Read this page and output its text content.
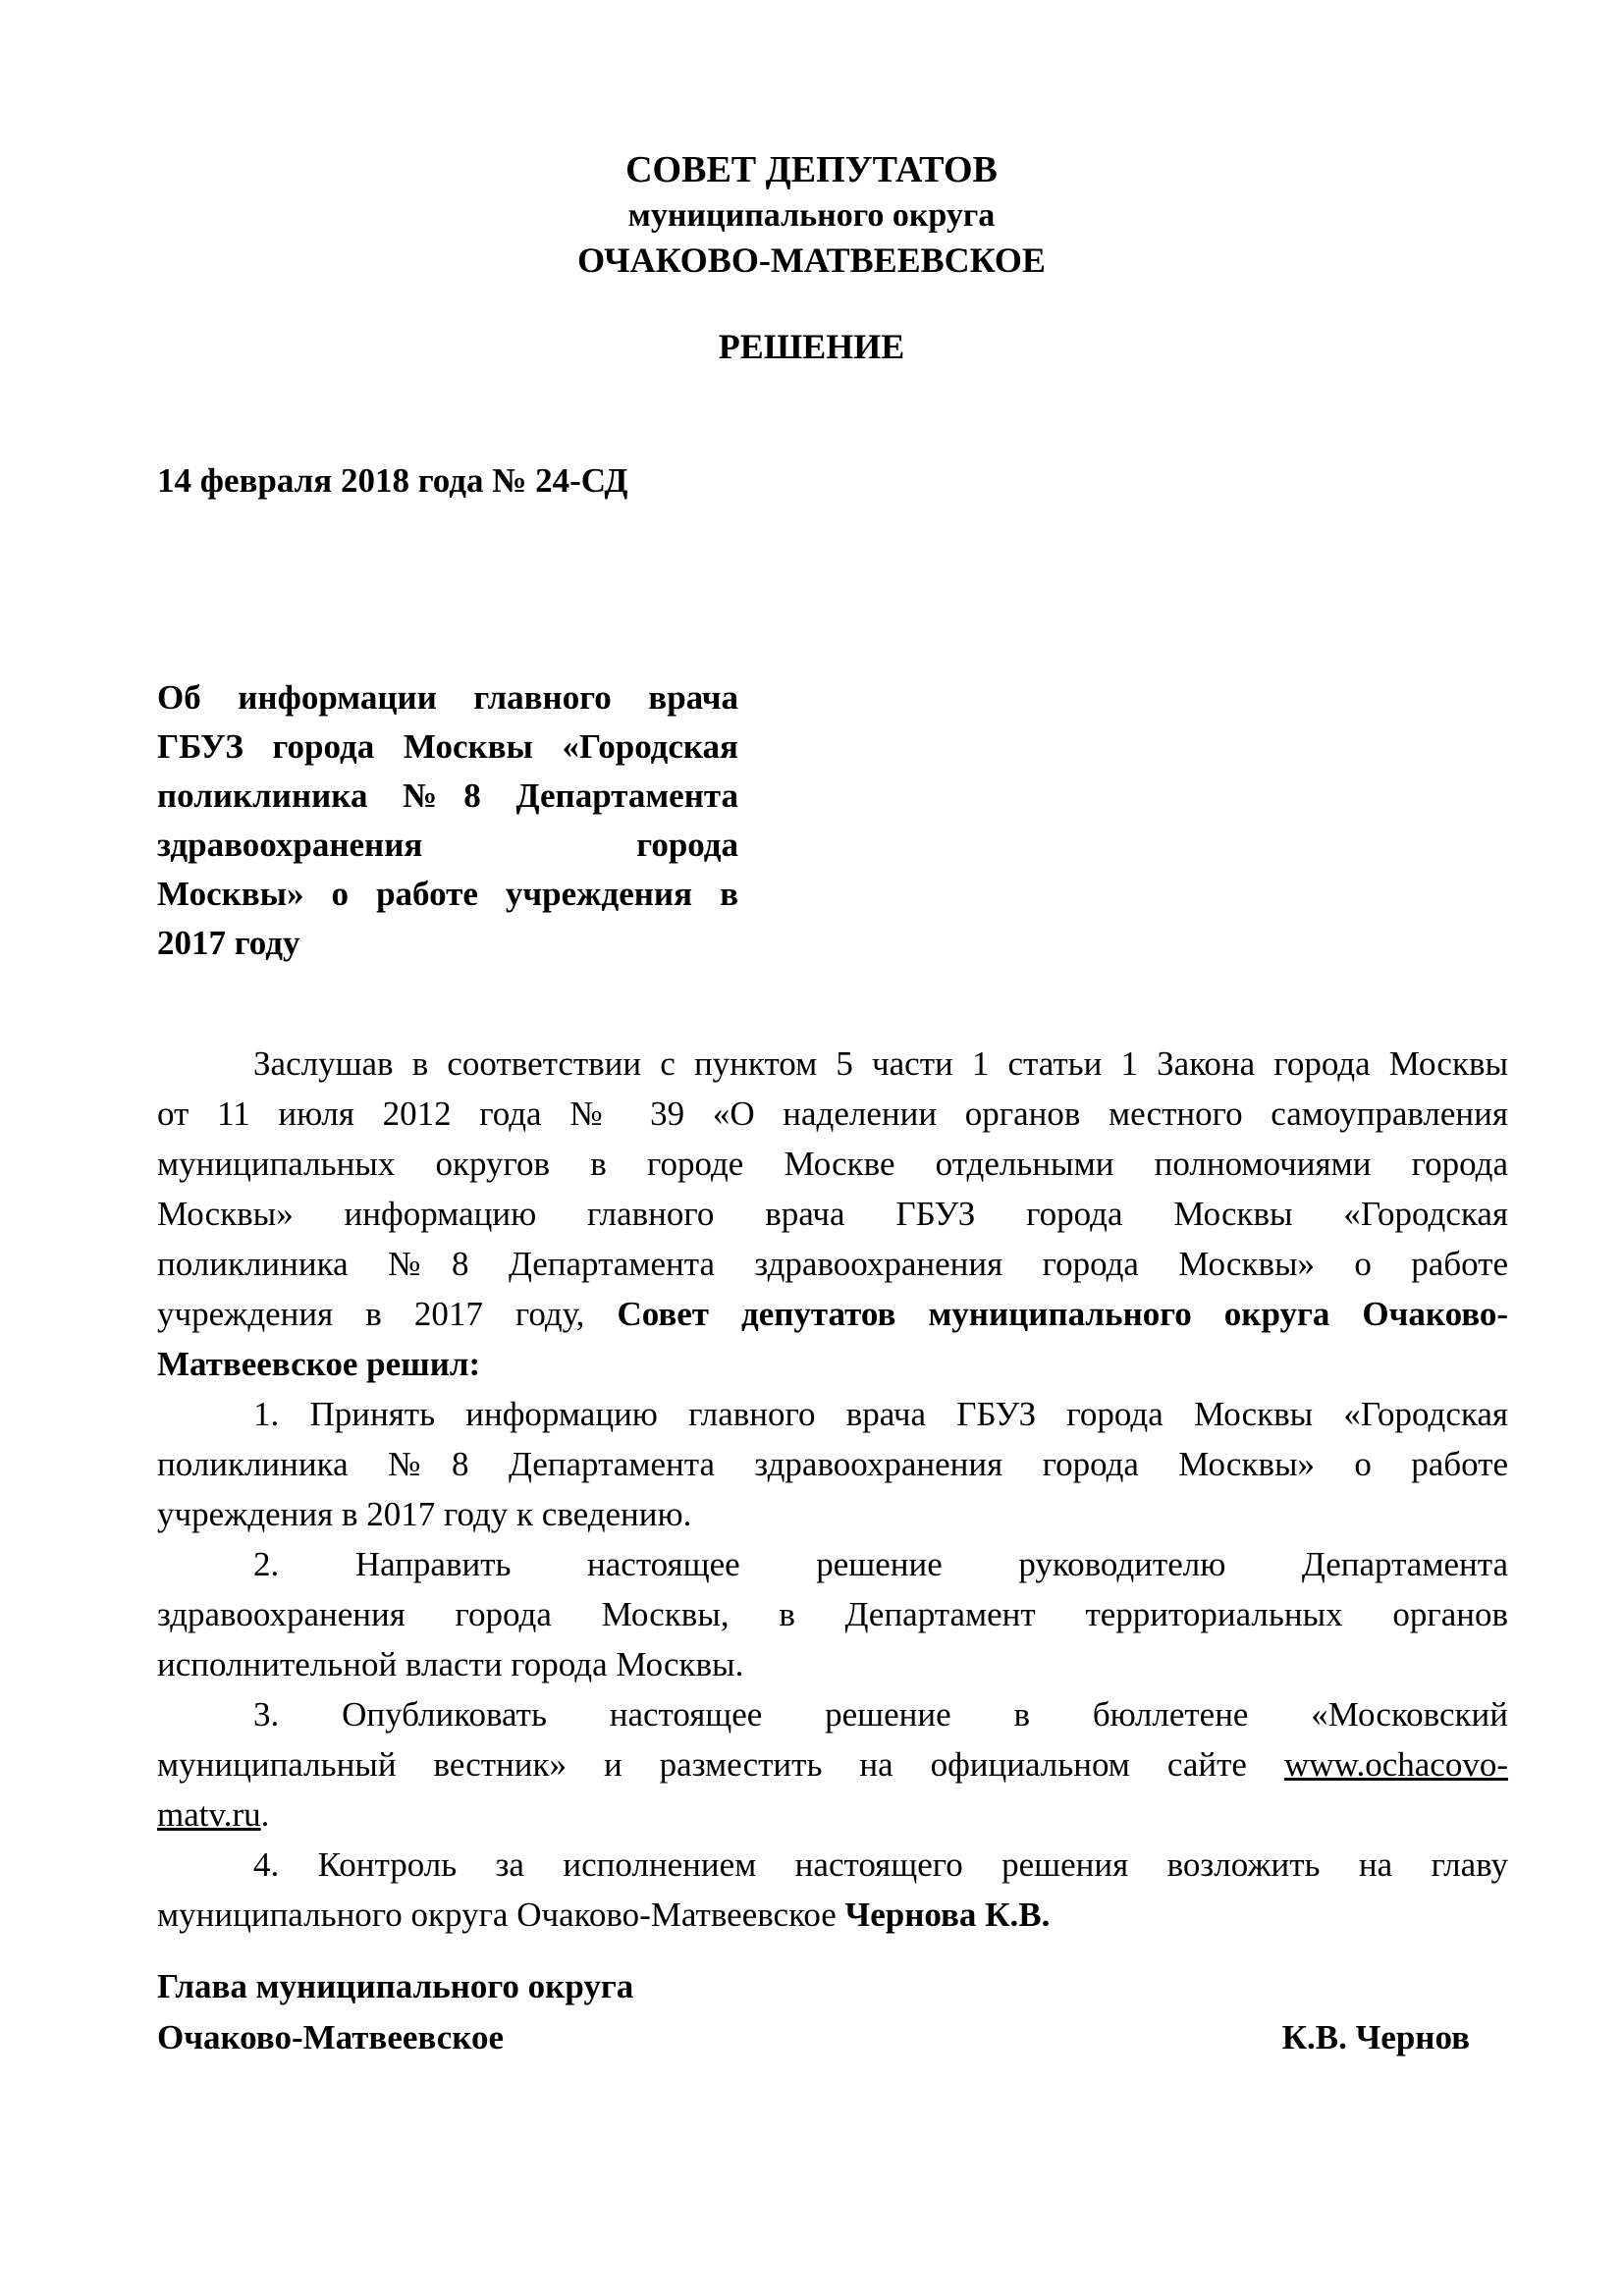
СОВЕТ ДЕПУТАТОВ
муниципального округа
ОЧАКОВО-МАТВЕЕВСКОЕ
РЕШЕНИЕ
14 февраля 2018 года № 24-СД
Об информации главного врача
ГБУЗ города Москвы «Городская
поликлиника №8 Департамента
здравоохранения города
Москвы» о работе учреждения в
2017 году
Заслушав в соответствии с пунктом 5 части 1 статьи 1 Закона города Москвы
от 11 июля 2012 года № 39 «О наделении органов местного самоуправления
муниципальных округов в городе Москве отдельными полномочиями города
Москвы» информацию главного врача ГБУЗ города Москвы «Городская
поликлиника №8 Департамента здравоохранения города Москвы» о работе
учреждения в 2017 году, Совет депутатов муниципального округа Очаково-
Матвеевское решил:
1. Принять информацию главного врача ГБУЗ города Москвы «Городская
поликлиника №8 Департамента здравоохранения города Москвы» о работе
учреждения в 2017 году к сведению.
2. Направить настоящее решение руководителю Департамента
здравоохранения города Москвы, в Департамент территориальных органов
исполнительной власти города Москвы.
3. Опубликовать настоящее решение в бюллетене «Московский
муниципальный вестник» и разместить на официальном сайте www.ochacovo-
matv.ru.
4. Контроль за исполнением настоящего решения возложить на главу
муниципального округа Очаково-Матвеевское Чернова К.В.
Глава муниципального округа
Очаково-Матвеевское	К.В. Чернов
